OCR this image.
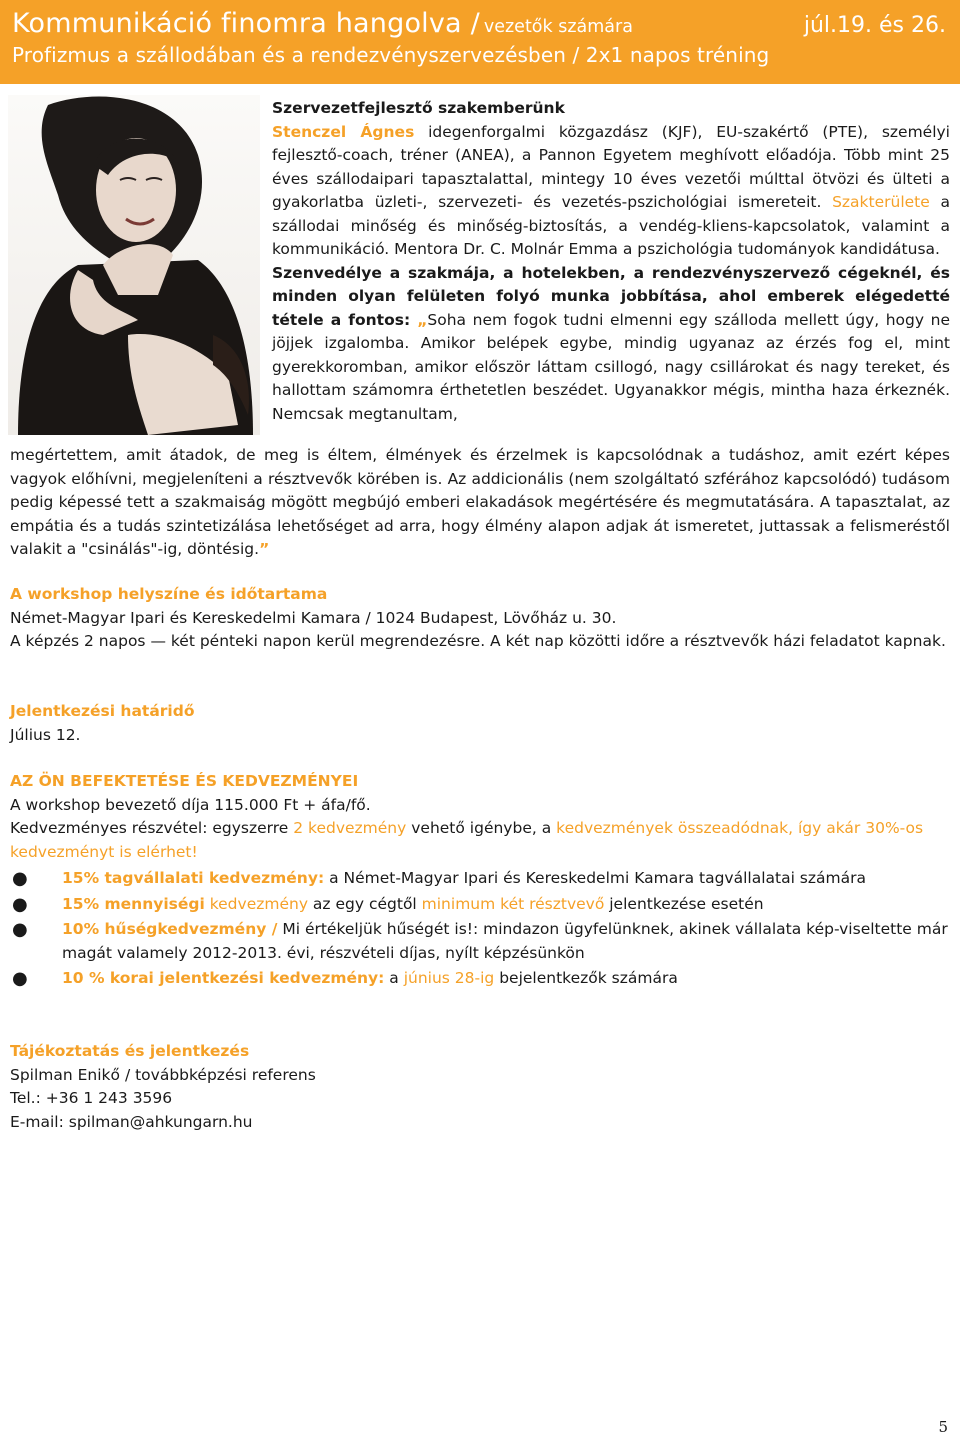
Kommunikáció finomra hangolva / vezetők számára	júl.19. és 26.
Profizmus a szállodában és a rendezvényszervezésben / 2x1 napos tréning

Szervezetfejlesztő szakemberünk

Stenczel Ágnes idegenforgalmi közgazdász (KJF), EU-szakértő (PTE), személyi fejlesztő-coach, tréner (ANEA), a Pannon Egyetem meghívott előadója. Több mint 25 éves szállodaipari tapasztalattal, mintegy 10 éves vezetői múlttal ötvözi és ülteti a gyakorlatba üzleti-, szervezeti- és vezetés-pszichológiai ismereteit. Szakterülete a szállodai minőség és minőség-biztosítás, a vendég-kliens-kapcsolatok, valamint a kommunikáció. Mentora Dr. C. Molnár Emma a pszichológia tudományok kandidátusa.

Szenvedélye a szakmája, a hotelekben, a rendezvényszervező cégeknél, és minden olyan felületen folyó munka jobbítása, ahol emberek elégedetté tétele a fontos: „Soha nem fogok tudni elmenni egy szálloda mellett úgy, hogy ne jöjjek izgalomba. Amikor belépek egybe, mindig ugyanaz az érzés fog el, mint gyerekkoromban, amikor először láttam csillogó, nagy csillárokat és nagy tereket, és hallottam számomra érthetetlen beszédet. Ugyanakkor mégis, mintha haza érkeznék. Nemcsak megtanultam,

megértettem, amit átadok, de meg is éltem, élmények és érzelmek is kapcsolódnak a tudáshoz, amit ezért képes vagyok előhívni, megjeleníteni a résztvevők körében is. Az addicionális (nem szolgáltató szférához kapcsolódó) tudásom pedig képessé tett a szakmaiság mögött megbújó emberi elakadások megértésére és megmutatására. A tapasztalat, az empátia és a tudás szintetizálása lehetőséget ad arra, hogy élmény alapon adjak át ismeretet, juttassak a felismeréstől valakit a "csinálás"-ig, döntésig.”

A workshop helyszíne és időtartama

Német-Magyar Ipari és Kereskedelmi Kamara / 1024 Budapest, Lövőház u. 30.

A képzés 2 napos — két pénteki napon kerül megrendezésre. A két nap közötti időre a résztvevők házi feladatot kapnak.

Jelentkezési határidő

Július 12.

AZ ÖN BEFEKTETÉSE ÉS KEDVEZMÉNYEI

A workshop bevezető díja 115.000 Ft + áfa/fő.

Kedvezményes részvétel: egyszerre 2 kedvezmény vehető igénybe, a kedvezmények összeadódnak, így akár 30%-os kedvezményt is elérhet!

● 15% tagvállalati kedvezmény: a Német-Magyar Ipari és Kereskedelmi Kamara tagvállalatai számára
● 15% mennyiségi kedvezmény az egy cégtől minimum két résztvevő jelentkezése esetén
● 10% hűségkedvezmény / Mi értékeljük hűségét is!: mindazon ügyfelünknek, akinek vállalata kép-viseltette már magát valamely 2012-2013. évi, részvételi díjas, nyílt képzésünkön
● 10 % korai jelentkezési kedvezmény: a június 28-ig bejelentkezők számára

Tájékoztatás és jelentkezés

Spilman Enikő / továbbképzési referens

Tel.: +36 1 243 3596

E-mail: spilman@ahkungarn.hu

5
